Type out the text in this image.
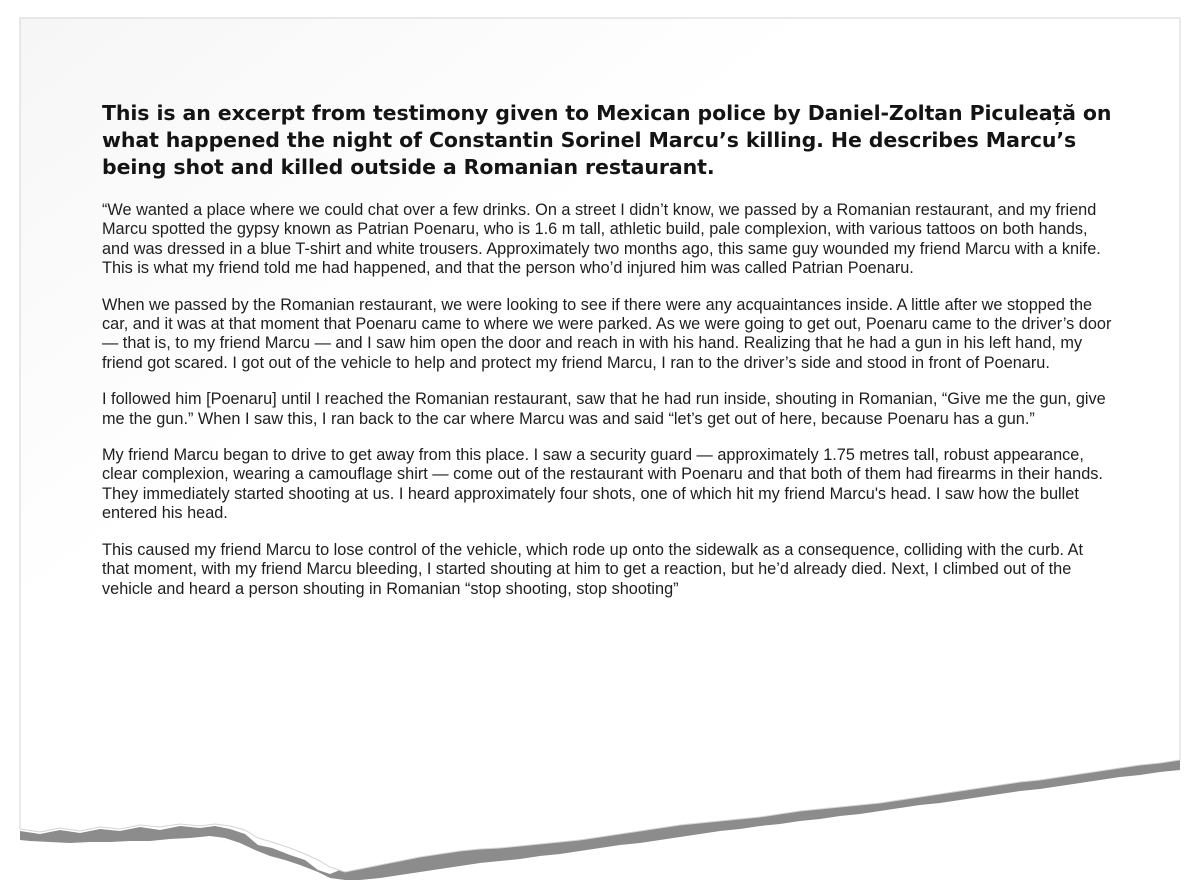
This is an excerpt from testimony given to Mexican police by Daniel-Zoltan Piculeață on what happened the night of Constantin Sorinel Marcu’s killing. He describes Marcu’s being shot and killed outside a Romanian restaurant.

“We wanted a place where we could chat over a few drinks. On a street I didn’t know, we passed by a Romanian restaurant, and my friend Marcu spotted the gypsy known as Patrian Poenaru, who is 1.6 m tall, athletic build, pale complexion, with various tattoos on both hands, and was dressed in a blue T-shirt and white trousers. Approximately two months ago, this same guy wounded my friend Marcu with a knife. This is what my friend told me had happened, and that the person who’d injured him was called Patrian Poenaru.

When we passed by the Romanian restaurant, we were looking to see if there were any acquaintances inside. A little after we stopped the car, and it was at that moment that Poenaru came to where we were parked. As we were going to get out, Poenaru came to the driver’s door — that is, to my friend Marcu — and I saw him open the door and reach in with his hand. Realizing that he had a gun in his left hand, my friend got scared. I got out of the vehicle to help and protect my friend Marcu, I ran to the driver’s side and stood in front of Poenaru.

I followed him [Poenaru] until I reached the Romanian restaurant, saw that he had run inside, shouting in Romanian, “Give me the gun, give me the gun.” When I saw this, I ran back to the car where Marcu was and said “let’s get out of here, because Poenaru has a gun.”

My friend Marcu began to drive to get away from this place. I saw a security guard — approximately 1.75 metres tall, robust appearance, clear complexion, wearing a camouflage shirt — come out of the restaurant with Poenaru and that both of them had firearms in their hands. They immediately started shooting at us. I heard approximately four shots, one of which hit my friend Marcu's head. I saw how the bullet entered his head.

This caused my friend Marcu to lose control of the vehicle, which rode up onto the sidewalk as a consequence, colliding with the curb. At that moment, with my friend Marcu bleeding, I started shouting at him to get a reaction, but he’d already died. Next, I climbed out of the vehicle and heard a person shouting in Romanian “stop shooting, stop shooting”
